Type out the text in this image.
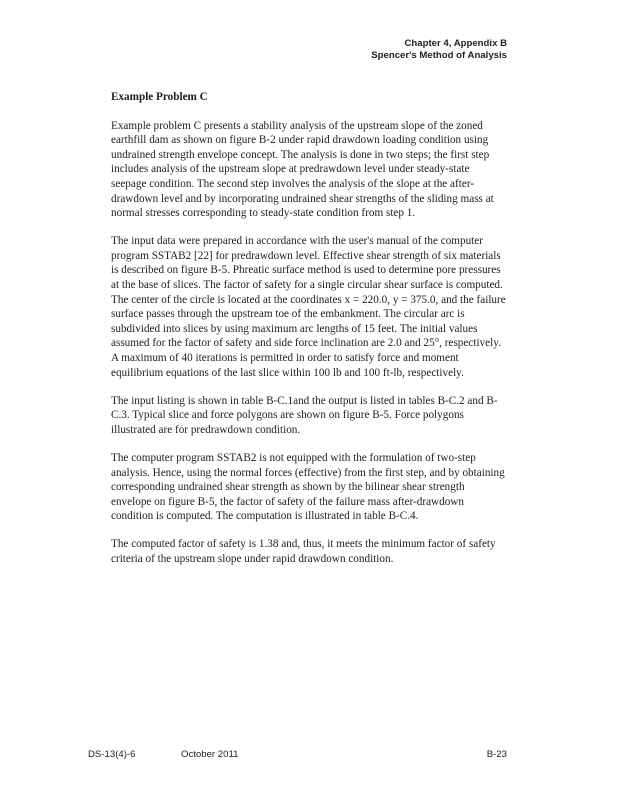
Chapter 4, Appendix B
Spencer's Method of Analysis
Example Problem C

Example problem C presents a stability analysis of the upstream slope of the zoned earthfill dam as shown on figure B-2 under rapid drawdown loading condition using undrained strength envelope concept. The analysis is done in two steps; the first step includes analysis of the upstream slope at predrawdown level under steady-state seepage condition. The second step involves the analysis of the slope at the after-drawdown level and by incorporating undrained shear strengths of the sliding mass at normal stresses corresponding to steady-state condition from step 1.

The input data were prepared in accordance with the user's manual of the computer program SSTAB2 [22] for predrawdown level. Effective shear strength of six materials is described on figure B-5. Phreatic surface method is used to determine pore pressures at the base of slices. The factor of safety for a single circular shear surface is computed. The center of the circle is located at the coordinates x = 220.0, y = 375.0, and the failure surface passes through the upstream toe of the embankment. The circular arc is subdivided into slices by using maximum arc lengths of 15 feet. The initial values assumed for the factor of safety and side force inclination are 2.0 and 25°, respectively. A maximum of 40 iterations is permitted in order to satisfy force and moment equilibrium equations of the last slice within 100 lb and 100 ft-lb, respectively.

The input listing is shown in table B-C.1and the output is listed in tables B-C.2 and B-C.3. Typical slice and force polygons are shown on figure B-5. Force polygons illustrated are for predrawdown condition.

The computer program SSTAB2 is not equipped with the formulation of two-step analysis. Hence, using the normal forces (effective) from the first step, and by obtaining corresponding undrained shear strength as shown by the bilinear shear strength envelope on figure B-5, the factor of safety of the failure mass after-drawdown condition is computed. The computation is illustrated in table B-C.4.

The computed factor of safety is 1.38 and, thus, it meets the minimum factor of safety criteria of the upstream slope under rapid drawdown condition.

DS-13(4)-6	October 2011	B-23
